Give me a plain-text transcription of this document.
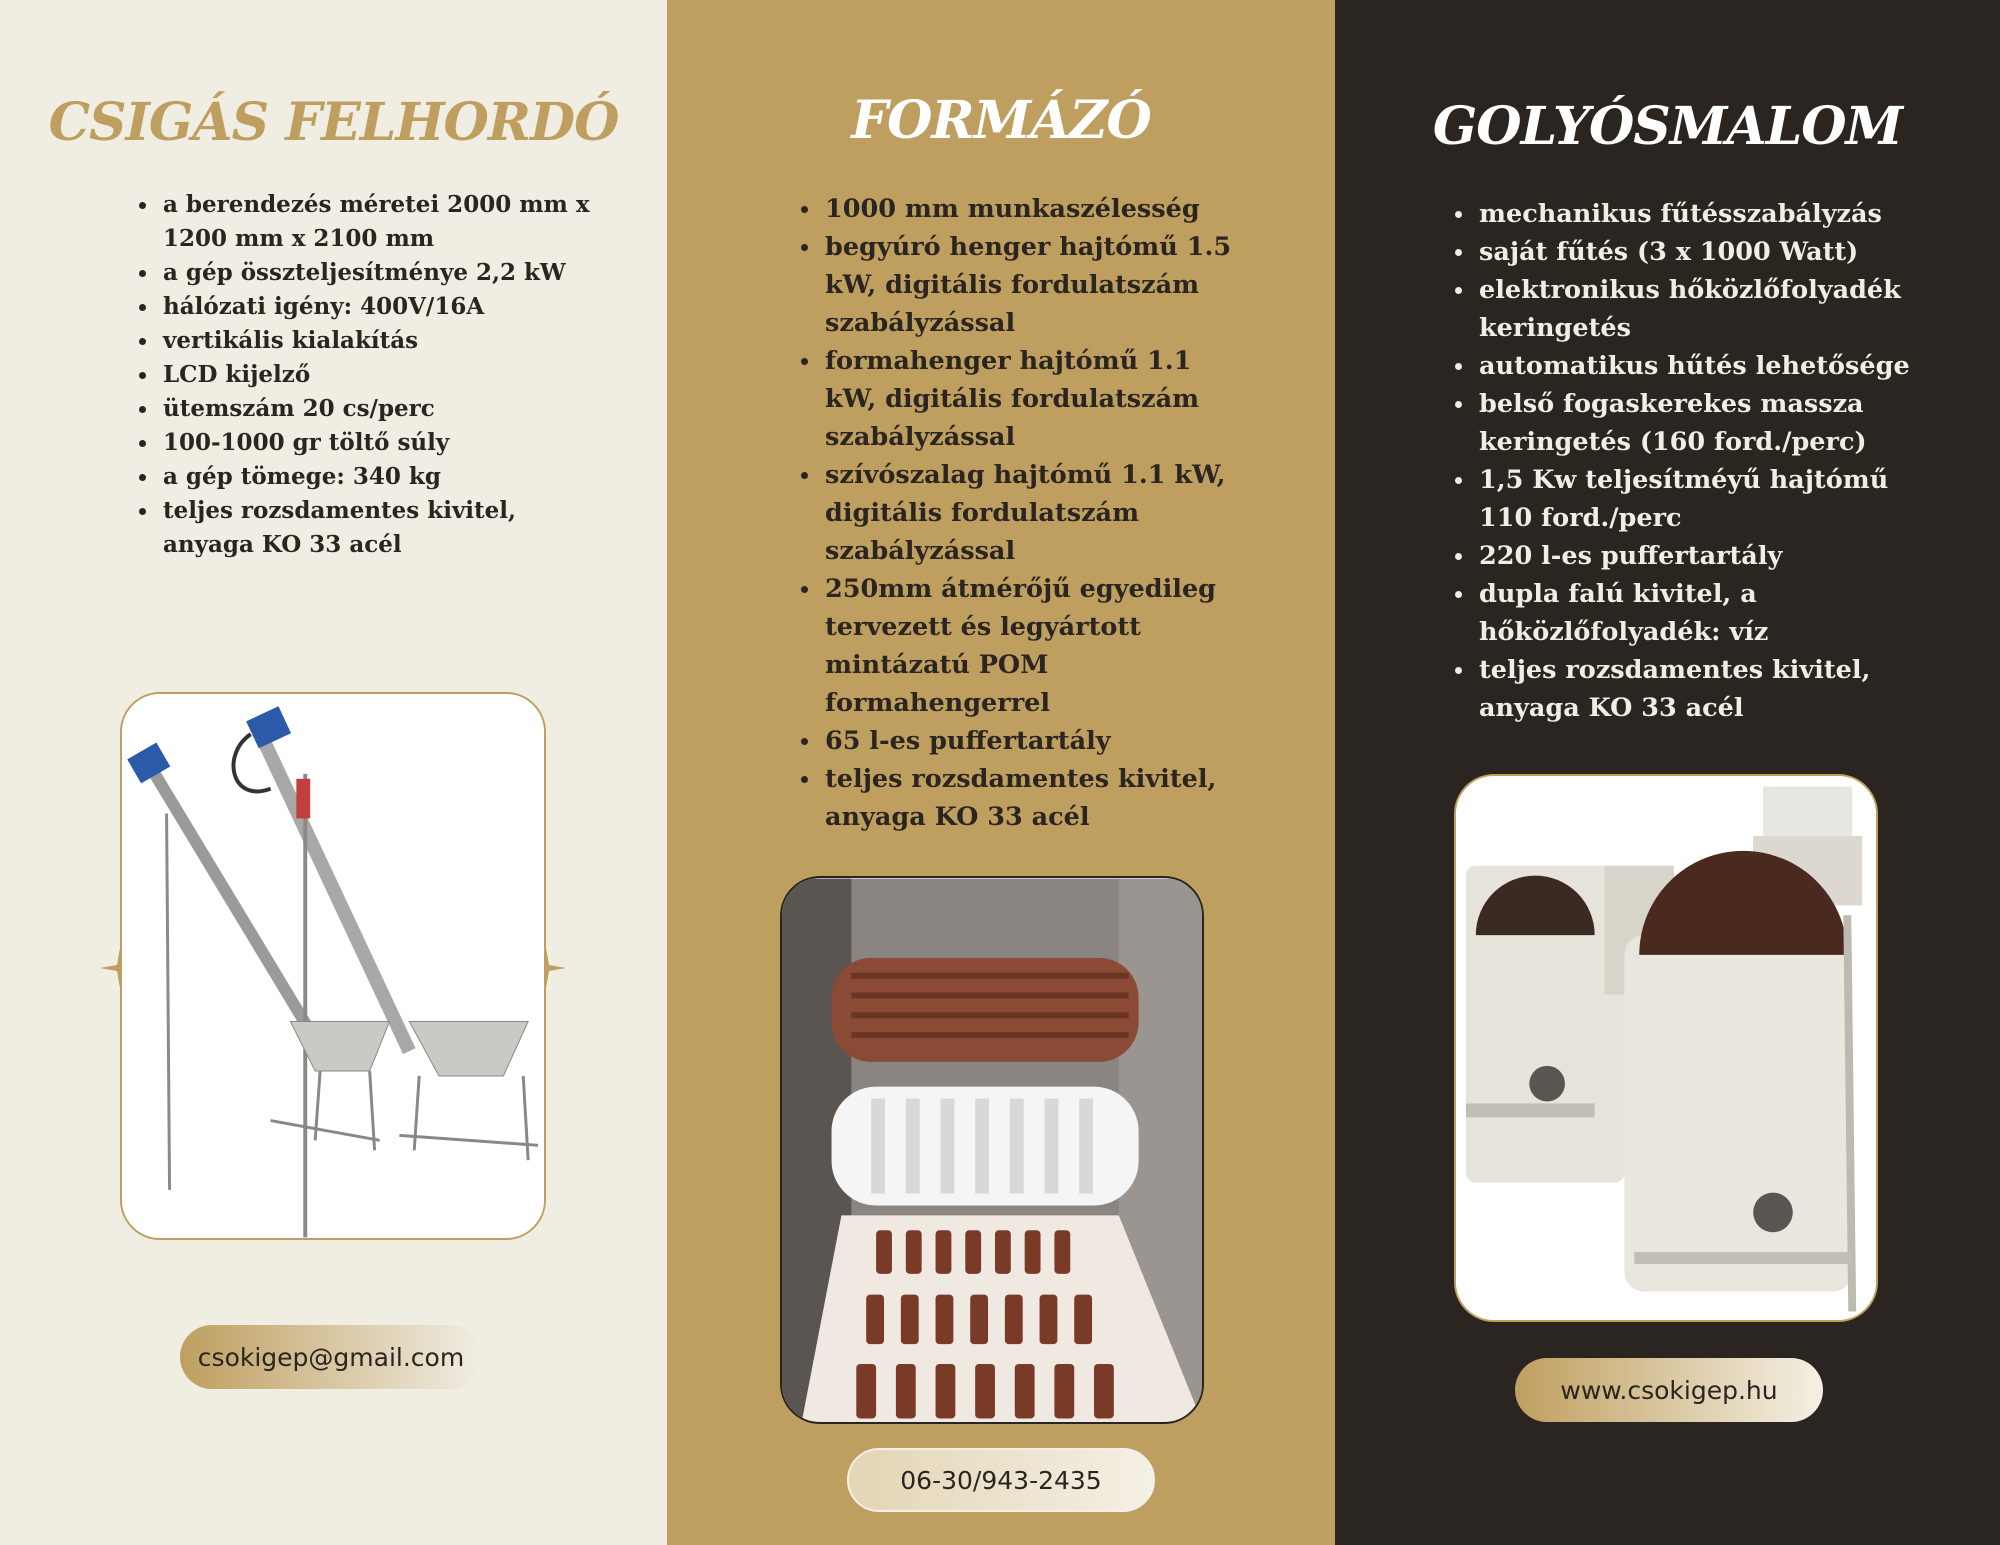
CSIGÁS FELHORDÓ
a berendezés méretei 2000 mm x 1200 mm x 2100 mm
a gép összteljesítménye 2,2 kW
hálózati igény: 400V/16A
vertikális kialakítás
LCD kijelző
ütemszám 20 cs/perc
100-1000 gr töltő súly
a gép tömege: 340 kg
teljes rozsdamentes kivitel, anyaga KO 33 acél
csokigep@gmail.com
FORMÁZÓ
1000 mm munkaszélesség
begyúró henger hajtómű 1.5 kW, digitális fordulatszám szabályzással
formahenger hajtómű 1.1 kW, digitális fordulatszám szabályzással
szívószalag hajtómű 1.1 kW, digitális fordulatszám szabályzással
250mm átmérőjű egyedileg tervezett és legyártott mintázatú POM formahengerrel
65 l-es puffertartály
teljes rozsdamentes kivitel, anyaga KO 33 acél
06-30/943-2435
GOLYÓSMALOM
mechanikus fűtésszabályzás
saját fűtés (3 x 1000 Watt)
elektronikus hőközlőfolyadék keringetés
automatikus hűtés lehetősége
belső fogaskerekes massza keringetés (160 ford./perc)
1,5 Kw teljesítméyű hajtómű 110 ford./perc
220 l-es puffertartály
dupla falú kivitel, a hőközlőfolyadék: víz
teljes rozsdamentes kivitel, anyaga KO 33 acél
www.csokigep.hu
